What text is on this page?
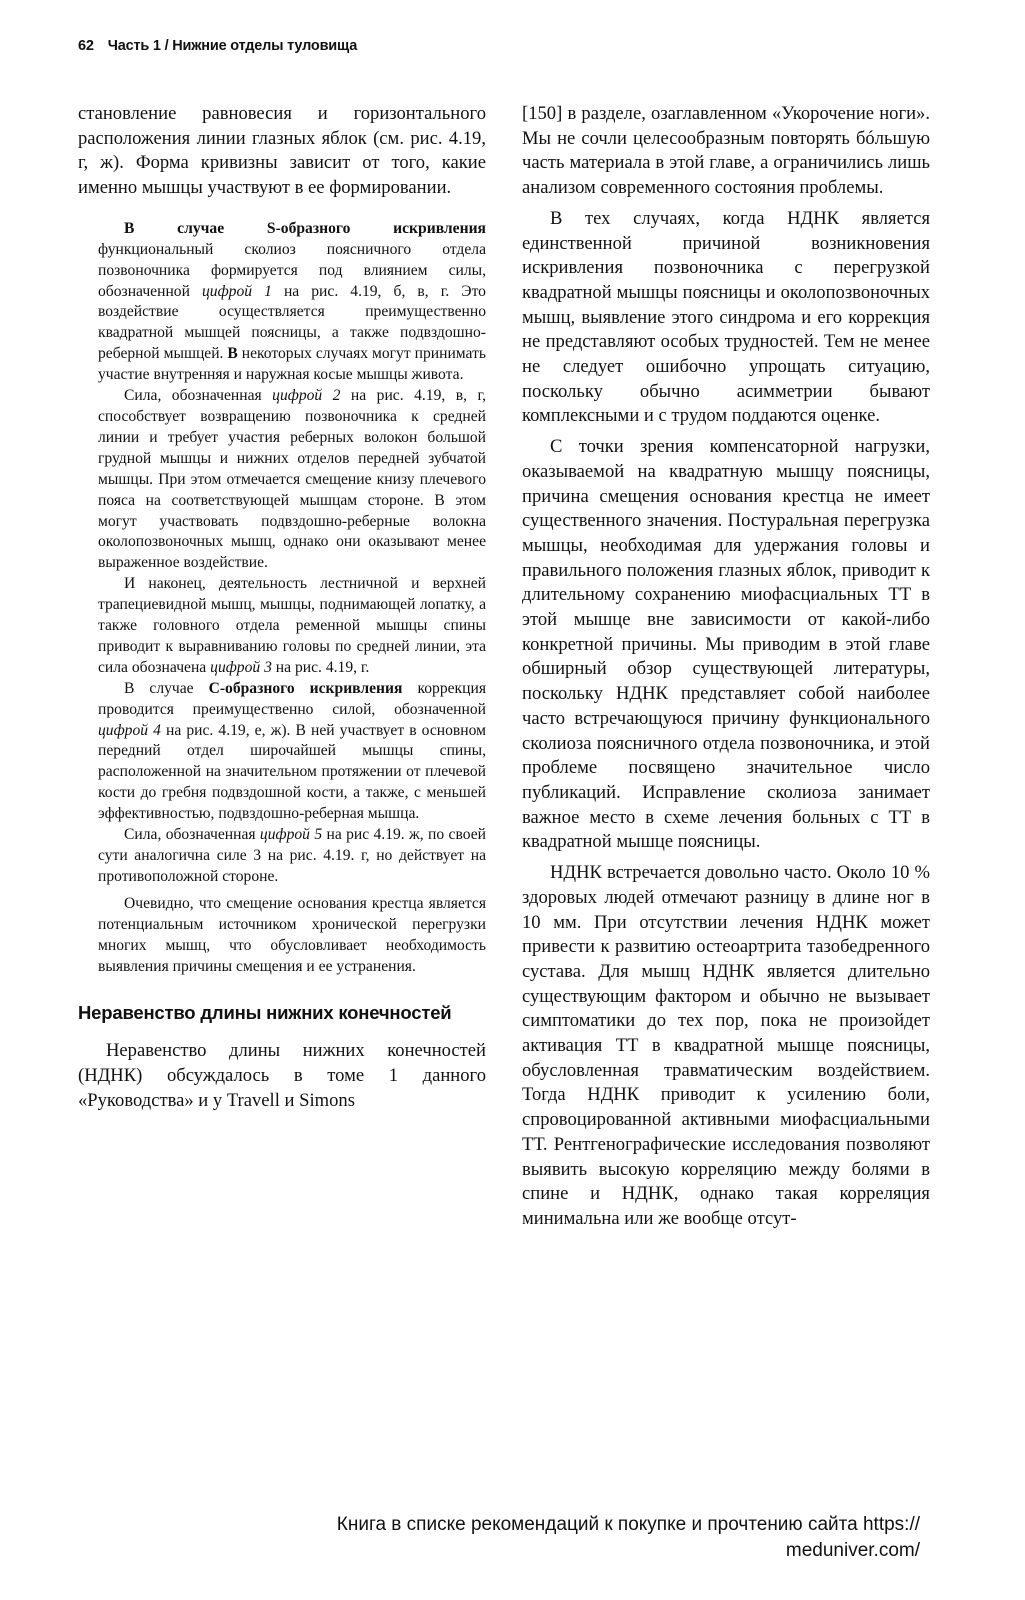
62 Часть 1 / Нижние отделы туловища

становление равновесия и горизонтального расположения линии глазных яблок (см. рис. 4.19, г, ж). Форма кривизны зависит от того, какие именно мышцы участвуют в ее формировании.

В случае S-образного искривления функциональный сколиоз поясничного отдела позвоночника формируется под влиянием силы, обозначенной цифрой 1 на рис. 4.19, б, в, г. Это воздействие осуществляется преимущественно квадратной мышцей поясницы, а также подвздошно-реберной мышцей. В некоторых случаях могут принимать участие внутренняя и наружная косые мышцы живота.

Сила, обозначенная цифрой 2 на рис. 4.19, в, г, способствует возвращению позвоночника к средней линии и требует участия реберных волокон большой грудной мышцы и нижних отделов передней зубчатой мышцы. При этом отмечается смещение книзу плечевого пояса на соответствующей мышцам стороне. В этом могут участвовать подвздошно-реберные волокна околопозвоночных мышц, однако они оказывают менее выраженное воздействие.

И наконец, деятельность лестничной и верхней трапециевидной мышц, мышцы, поднимающей лопатку, а также головного отдела ременной мышцы спины приводит к выравниванию головы по средней линии, эта сила обозначена цифрой 3 на рис. 4.19, г.

В случае С-образного искривления коррекция проводится преимущественно силой, обозначенной цифрой 4 на рис. 4.19, е, ж). В ней участвует в основном передний отдел широчайшей мышцы спины, расположенной на значительном протяжении от плечевой кости до гребня подвздошной кости, а также, с меньшей эффективностью, подвздошно-реберная мышца.

Сила, обозначенная цифрой 5 на рис 4.19. ж, по своей сути аналогична силе 3 на рис. 4.19. г, но действует на противоположной стороне.

Очевидно, что смещение основания крестца является потенциальным источником хронической перегрузки многих мышц, что обусловливает необходимость выявления причины смещения и ее устранения.

Неравенство длины нижних конечностей

Неравенство длины нижних конечностей (НДНК) обсуждалось в томе 1 данного «Руководства» и у Travell и Simons

[150] в разделе, озаглавленном «Укорочение ноги». Мы не сочли целесообразным повторять бóльшую часть материала в этой главе, а ограничились лишь анализом современного состояния проблемы.

В тех случаях, когда НДНК является единственной причиной возникновения искривления позвоночника с перегрузкой квадратной мышцы поясницы и околопозвоночных мышц, выявление этого синдрома и его коррекция не представляют особых трудностей. Тем не менее не следует ошибочно упрощать ситуацию, поскольку обычно асимметрии бывают комплексными и с трудом поддаются оценке.

С точки зрения компенсаторной нагрузки, оказываемой на квадратную мышцу поясницы, причина смещения основания крестца не имеет существенного значения. Постуральная перегрузка мышцы, необходимая для удержания головы и правильного положения глазных яблок, приводит к длительному сохранению миофасциальных ТТ в этой мышце вне зависимости от какой-либо конкретной причины. Мы приводим в этой главе обширный обзор существующей литературы, поскольку НДНК представляет собой наиболее часто встречающуюся причину функционального сколиоза поясничного отдела позвоночника, и этой проблеме посвящено значительное число публикаций. Исправление сколиоза занимает важное место в схеме лечения больных с ТТ в квадратной мышце поясницы.

НДНК встречается довольно часто. Около 10 % здоровых людей отмечают разницу в длине ног в 10 мм. При отсутствии лечения НДНК может привести к развитию остеоартрита тазобедренного сустава. Для мышц НДНК является длительно существующим фактором и обычно не вызывает симптоматики до тех пор, пока не произойдет активация ТТ в квадратной мышце поясницы, обусловленная травматическим воздействием. Тогда НДНК приводит к усилению боли, спровоцированной активными миофасциальными ТТ. Рентгенографические исследования позволяют выявить высокую корреляцию между болями в спине и НДНК, однако такая корреляция минимальна или же вообще отсут-

Книга в списке рекомендаций к покупке и прочтению сайта https://
meduniver.com/
